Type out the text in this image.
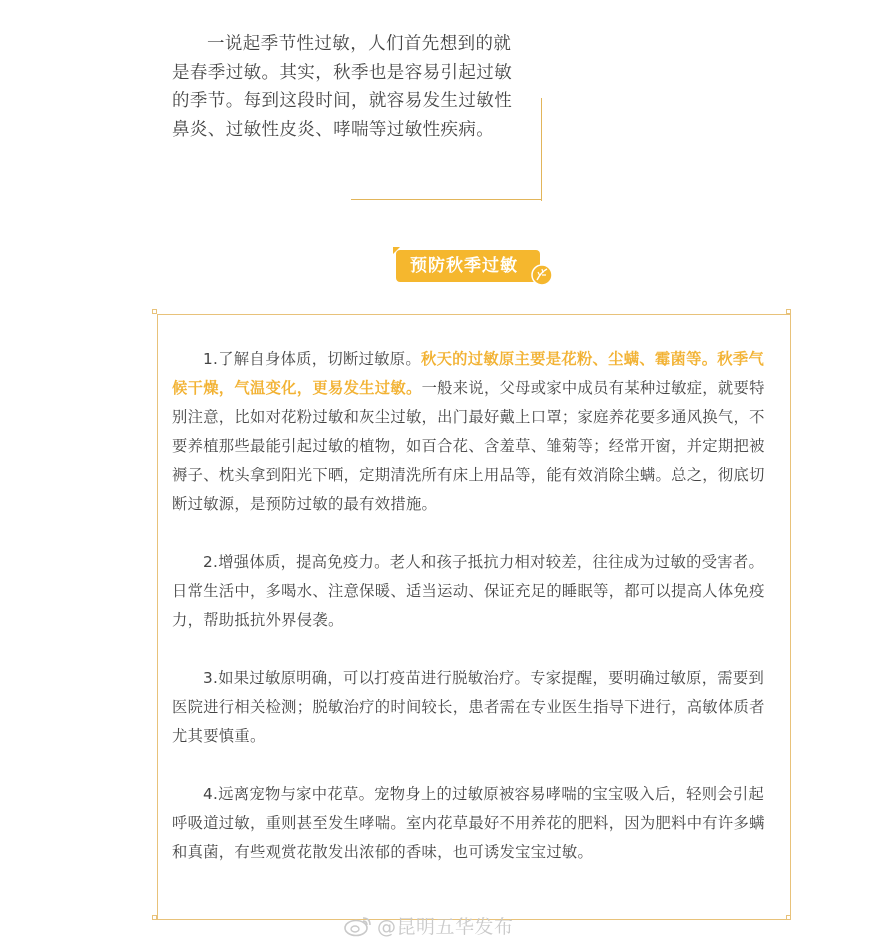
一说起季节性过敏，人们首先想到的就是春季过敏。其实，秋季也是容易引起过敏的季节。每到这段时间，就容易发生过敏性鼻炎、过敏性皮炎、哮喘等过敏性疾病。
预防秋季过敏

1.了解自身体质，切断过敏原。秋天的过敏原主要是花粉、尘螨、霉菌等。秋季气候干燥，气温变化，更易发生过敏。一般来说，父母或家中成员有某种过敏症，就要特别注意，比如对花粉过敏和灰尘过敏，出门最好戴上口罩；家庭养花要多通风换气，不要养植那些最能引起过敏的植物，如百合花、含羞草、雏菊等；经常开窗，并定期把被褥子、枕头拿到阳光下晒，定期清洗所有床上用品等，能有效消除尘螨。总之，彻底切断过敏源，是预防过敏的最有效措施。

2.增强体质，提高免疫力。老人和孩子抵抗力相对较差，往往成为过敏的受害者。日常生活中，多喝水、注意保暖、适当运动、保证充足的睡眠等，都可以提高人体免疫力，帮助抵抗外界侵袭。

3.如果过敏原明确，可以打疫苗进行脱敏治疗。专家提醒，要明确过敏原，需要到医院进行相关检测；脱敏治疗的时间较长，患者需在专业医生指导下进行，高敏体质者尤其要慎重。

4.远离宠物与家中花草。宠物身上的过敏原被容易哮喘的宝宝吸入后，轻则会引起呼吸道过敏，重则甚至发生哮喘。室内花草最好不用养花的肥料，因为肥料中有许多螨和真菌，有些观赏花散发出浓郁的香味，也可诱发宝宝过敏。

@昆明五华发布
